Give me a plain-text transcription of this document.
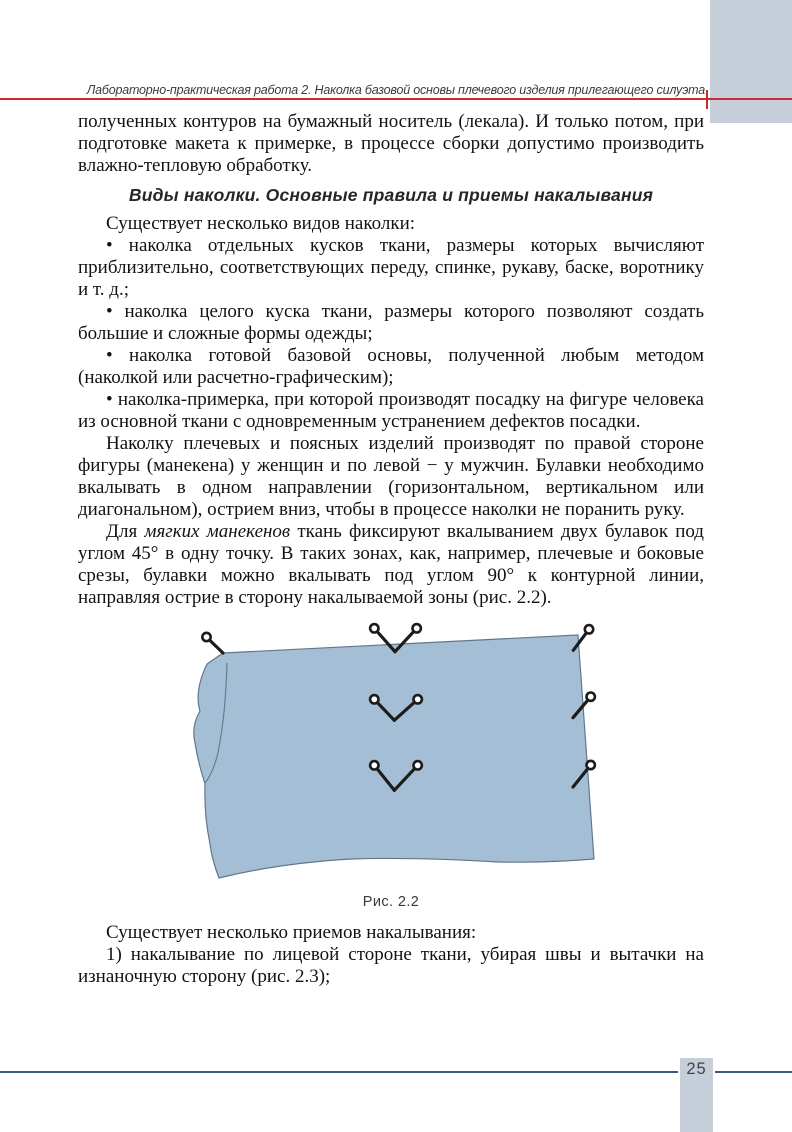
Лабораторно-практическая работа 2. Наколка базовой основы плечевого изделия прилегающего силуэта

полученных контуров на бумажный носитель (лекала). И только потом, при подготовке макета к примерке, в процессе сборки допустимо производить влажно-тепловую обработку.

Виды наколки. Основные правила и приемы накалывания

Существует несколько видов наколки:

• наколка отдельных кусков ткани, размеры которых вычисляют приблизительно, соответствующих переду, спинке, рукаву, баске, воротнику и т. д.;

• наколка целого куска ткани, размеры которого позволяют создать большие и сложные формы одежды;

• наколка готовой базовой основы, полученной любым методом (наколкой или расчетно-графическим);

• наколка-примерка, при которой производят посадку на фигуре человека из основной ткани с одновременным устранением дефектов посадки.

Наколку плечевых и поясных изделий производят по правой стороне фигуры (манекена) у женщин и по левой − у мужчин. Булавки необходимо вкалывать в одном направлении (горизонтальном, вертикальном или диагональном), острием вниз, чтобы в процессе наколки не поранить руку.

Для мягких манекенов ткань фиксируют вкалыванием двух булавок под углом 45° в одну точку. В таких зонах, как, например, плечевые и боковые срезы, булавки можно вкалывать под углом 90° к контурной линии, направляя острие в сторону накалываемой зоны (рис. 2.2).

Рис. 2.2

Существует несколько приемов накалывания:

1) накалывание по лицевой стороне ткани, убирая швы и вытачки на изнаночную сторону (рис. 2.3);

25
